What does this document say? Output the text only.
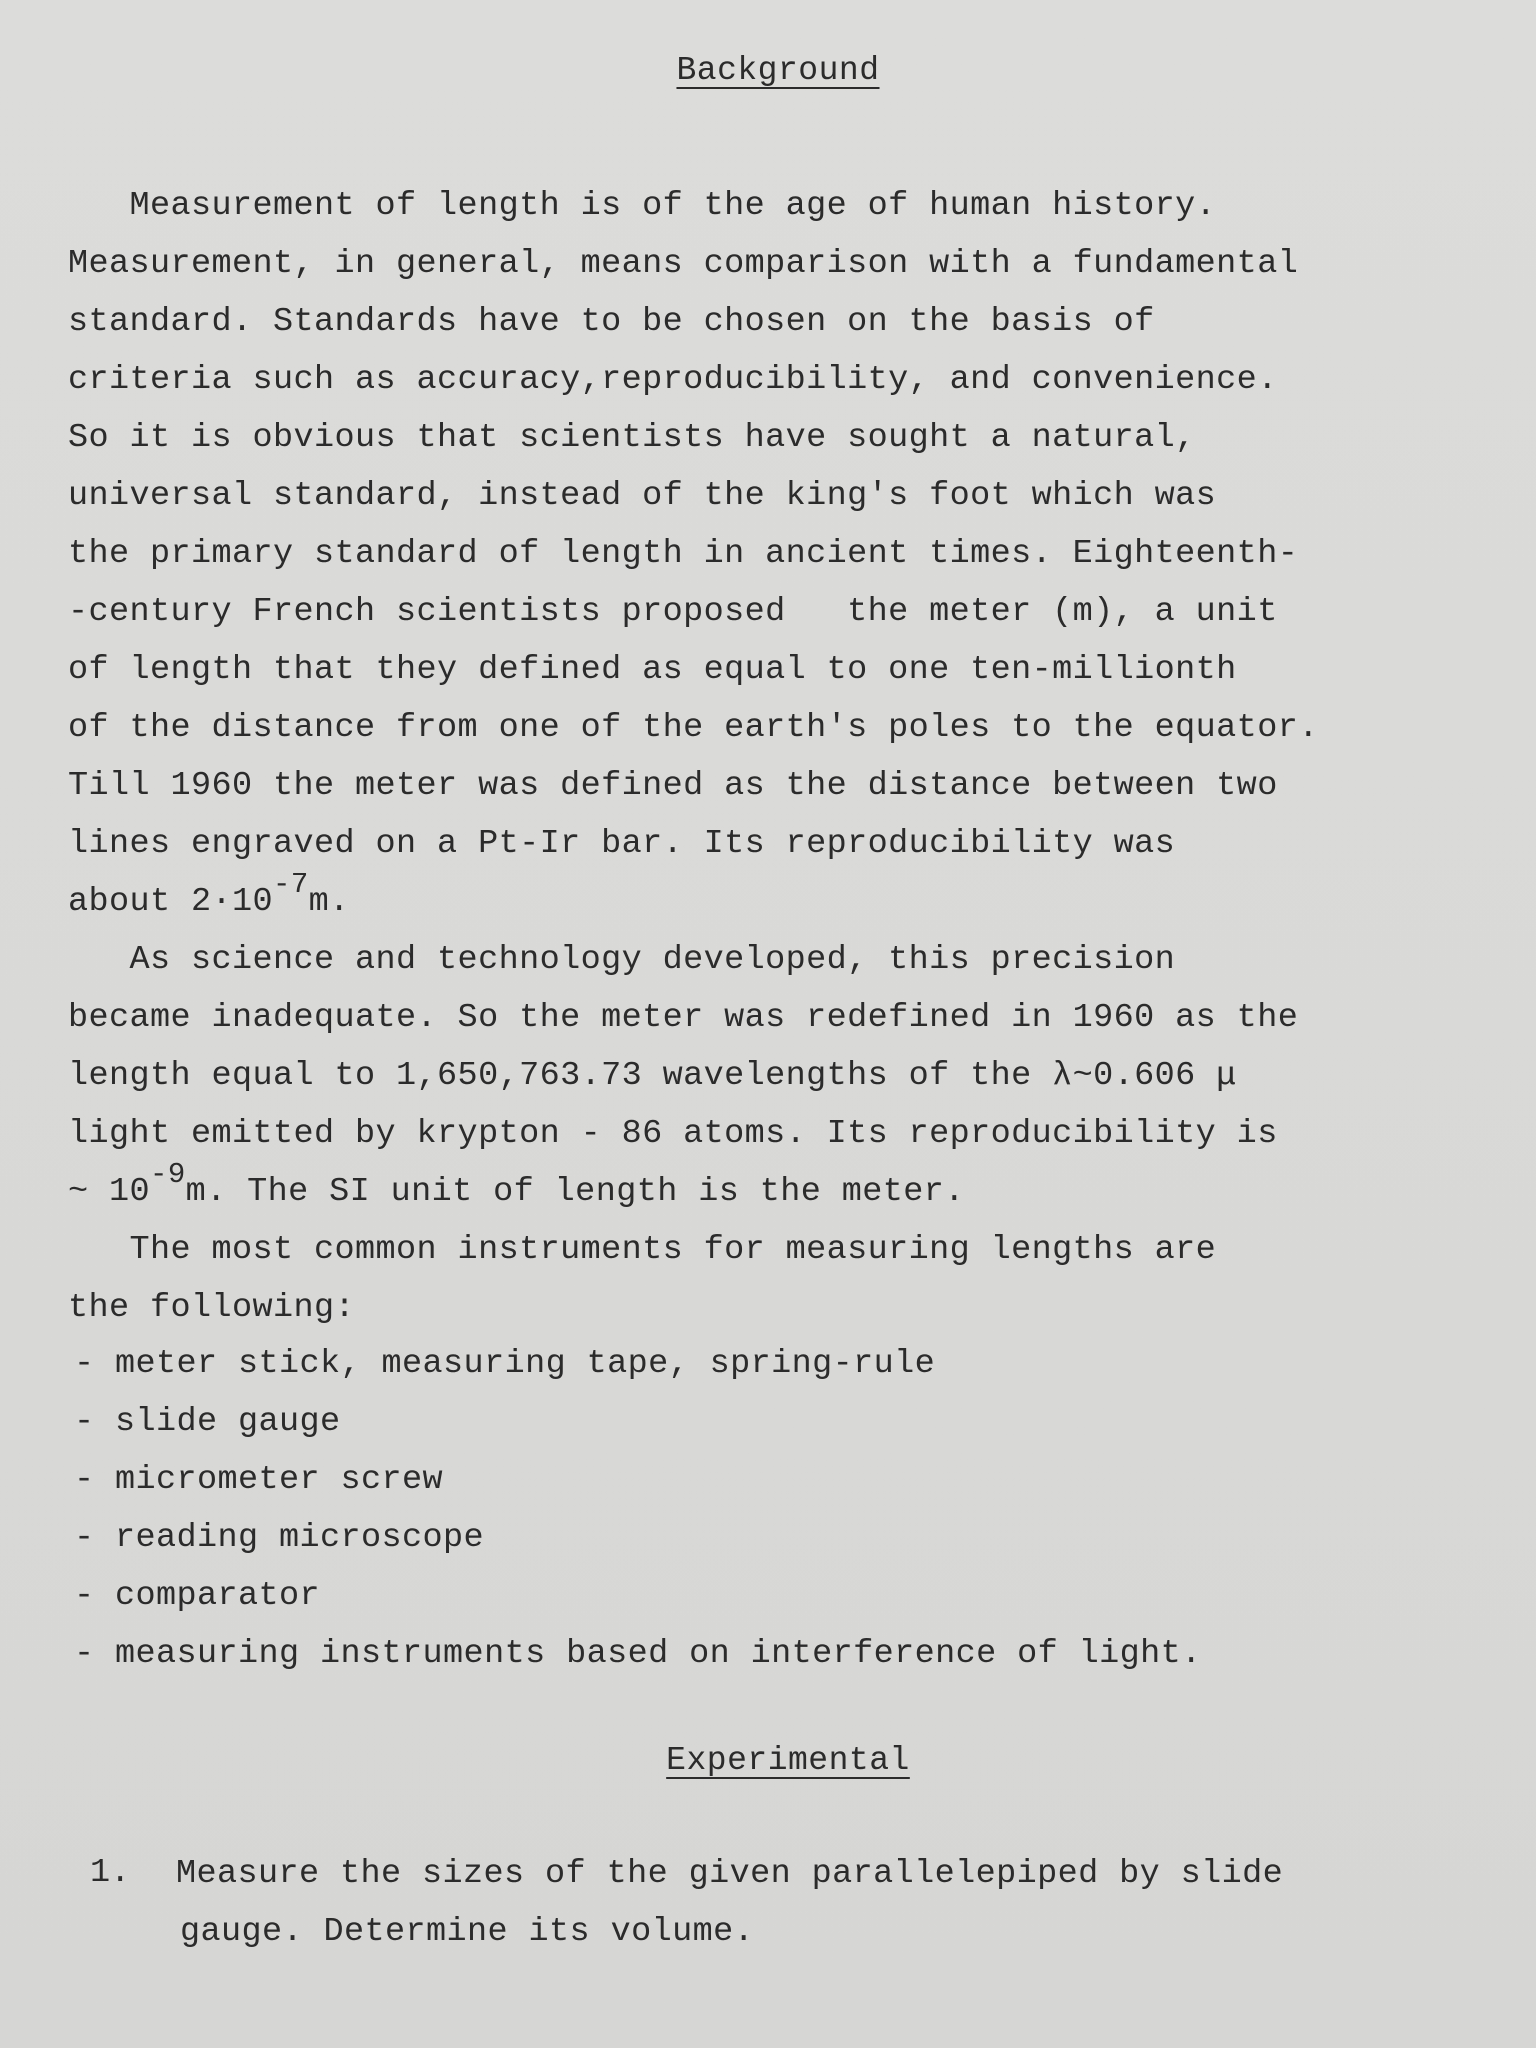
Background
Measurement of length is of the age of human history.
Measurement, in general, means comparison with a fundamental
standard. Standards have to be chosen on the basis of
criteria such as accuracy,reproducibility, and convenience.
So it is obvious that scientists have sought a natural,
universal standard, instead of the king's foot which was
the primary standard of length in ancient times. Eighteenth-
-century French scientists proposed   the meter (m), a unit
of length that they defined as equal to one ten-millionth
of the distance from one of the earth's poles to the equator.
Till 1960 the meter was defined as the distance between two
lines engraved on a Pt-Ir bar. Its reproducibility was
about 2·10-7m.
As science and technology developed, this precision
became inadequate. So the meter was redefined in 1960 as the
length equal to 1,650,763.73 wavelengths of the λ~0.606 μ
light emitted by krypton - 86 atoms. Its reproducibility is
~ 10-9m. The SI unit of length is the meter.
The most common instruments for measuring lengths are
the following:
- meter stick, measuring tape, spring-rule
- slide gauge
- micrometer screw
- reading microscope
- comparator
- measuring instruments based on interference of light.
Experimental
1. Measure the sizes of the given parallelepiped by slide
gauge. Determine its volume.
